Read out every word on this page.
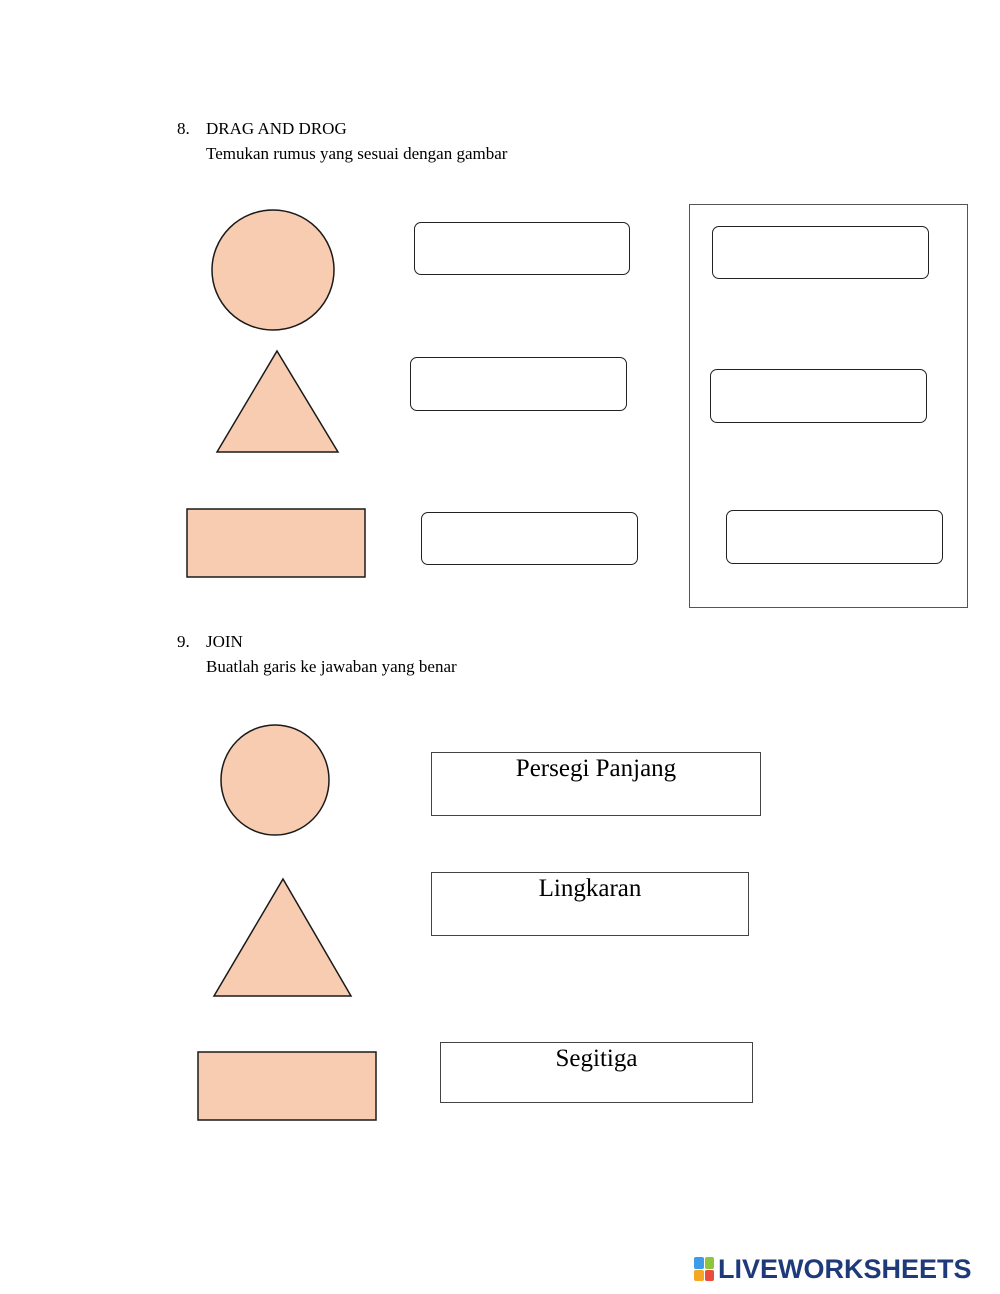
8. DRAG AND DROG
Temukan rumus yang sesuai dengan gambar
9. JOIN
Buatlah garis ke jawaban yang benar
Persegi Panjang
Lingkaran
Segitiga
LIVEWORKSHEETS
